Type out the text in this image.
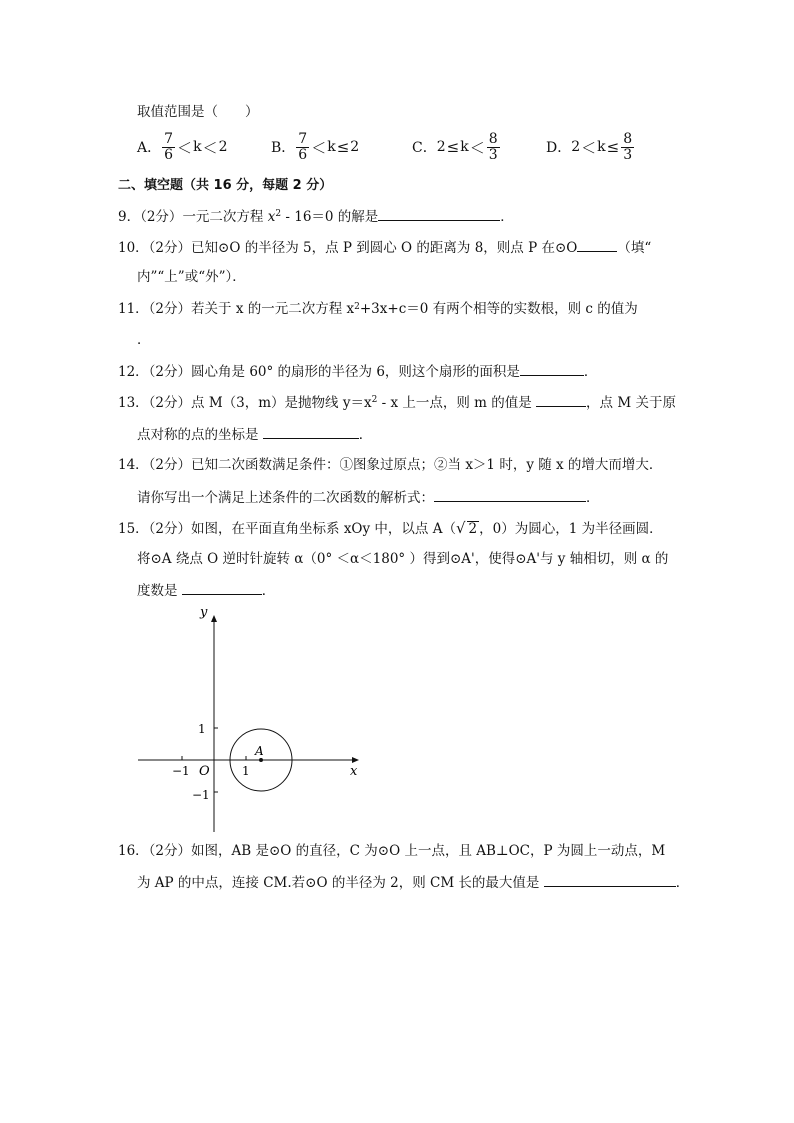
取值范围是（　　）
A． $\frac{7}{6} < k < 2$	B． $\frac{7}{6} < k \le 2$	C． $2 \le k < \frac{8}{3}$	D． $2 < k \le \frac{8}{3}$
二、填空题（共 16 分，每题 2 分）
9．（2分）一元二次方程 $x^2 - 16=0$ 的解是	．
10．（2分）已知⊙O 的半径为 5，点 P 到圆心 O 的距离为 8，则点 P 在⊙O	（填“
内”“上”或“外”）．
11．（2分）若关于 x 的一元二次方程 $x^2+3x+c=0$ 有两个相等的实数根，则 c 的值为
．
12．（2分）圆心角是 60° 的扇形的半径为 6，则这个扇形的面积是	．
13．（2分）点 M（3，m）是抛物线 $y=x^2 - x$ 上一点，则 m 的值是	，点 M 关于原
点对称的点的坐标是	．
14．（2分）已知二次函数满足条件：①图象过原点；②当 x＞1 时，y 随 x 的增大而增大．
请你写出一个满足上述条件的二次函数的解析式：	．
15．（2分）如图，在平面直角坐标系 xOy 中，以点 A（√ 2 ，0）为圆心，1 为半径画圆．
将⊙A 绕点 O 逆时针旋转 α（0° ＜α＜180° ）得到⊙A'，使得⊙A'与 y 轴相切，则 α 的
度数是	．
y
x
O
A
1
−1
−1	1
16．（2分）如图，AB 是⊙O 的直径，C 为⊙O 上一点，且 AB⊥OC，P 为圆上一动点，M
为 AP 的中点，连接 CM.若⊙O 的半径为 2，则 CM 长的最大值是	．
